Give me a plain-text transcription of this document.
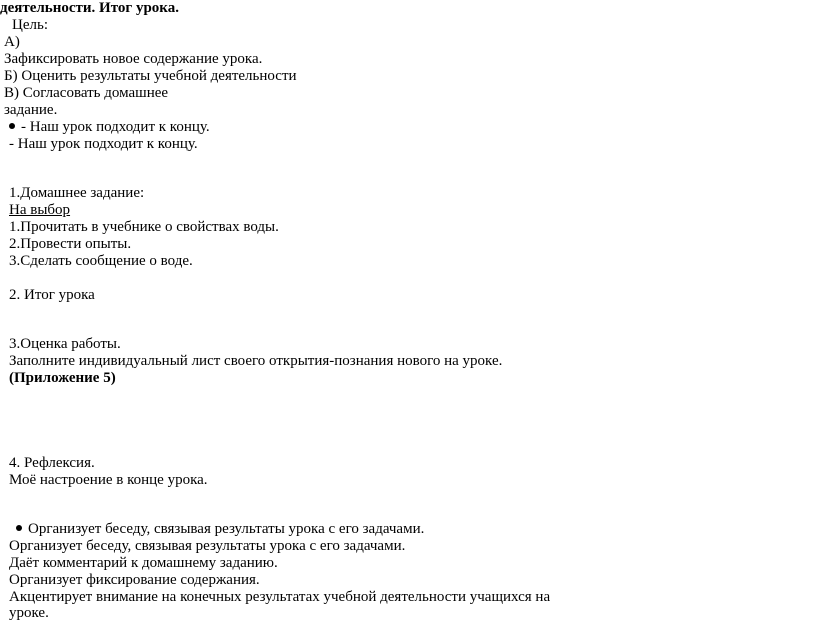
деятельности. Итог урока.
Цель:
А)
Зафиксировать новое содержание урока.
Б) Оценить результаты учебной деятельности
В) Согласовать домашнее
задание.
- Наш урок подходит к концу.
- Наш урок подходит к концу.
1.Домашнее задание:
На выбор
1.Прочитать в учебнике о свойствах воды.
2.Провести опыты.
3.Сделать сообщение о воде.
2. Итог урока
3.Оценка работы.
Заполните индивидуальный лист своего открытия-познания нового на уроке.
(Приложение 5)
4. Рефлексия.
Моё настроение в конце урока.
Организует беседу, связывая результаты урока с его задачами.
Организует беседу, связывая результаты урока с его задачами.
Даёт комментарий к домашнему заданию.
Организует фиксирование содержания.
Акцентирует внимание на конечных результатах учебной деятельности учащихся на
уроке.
